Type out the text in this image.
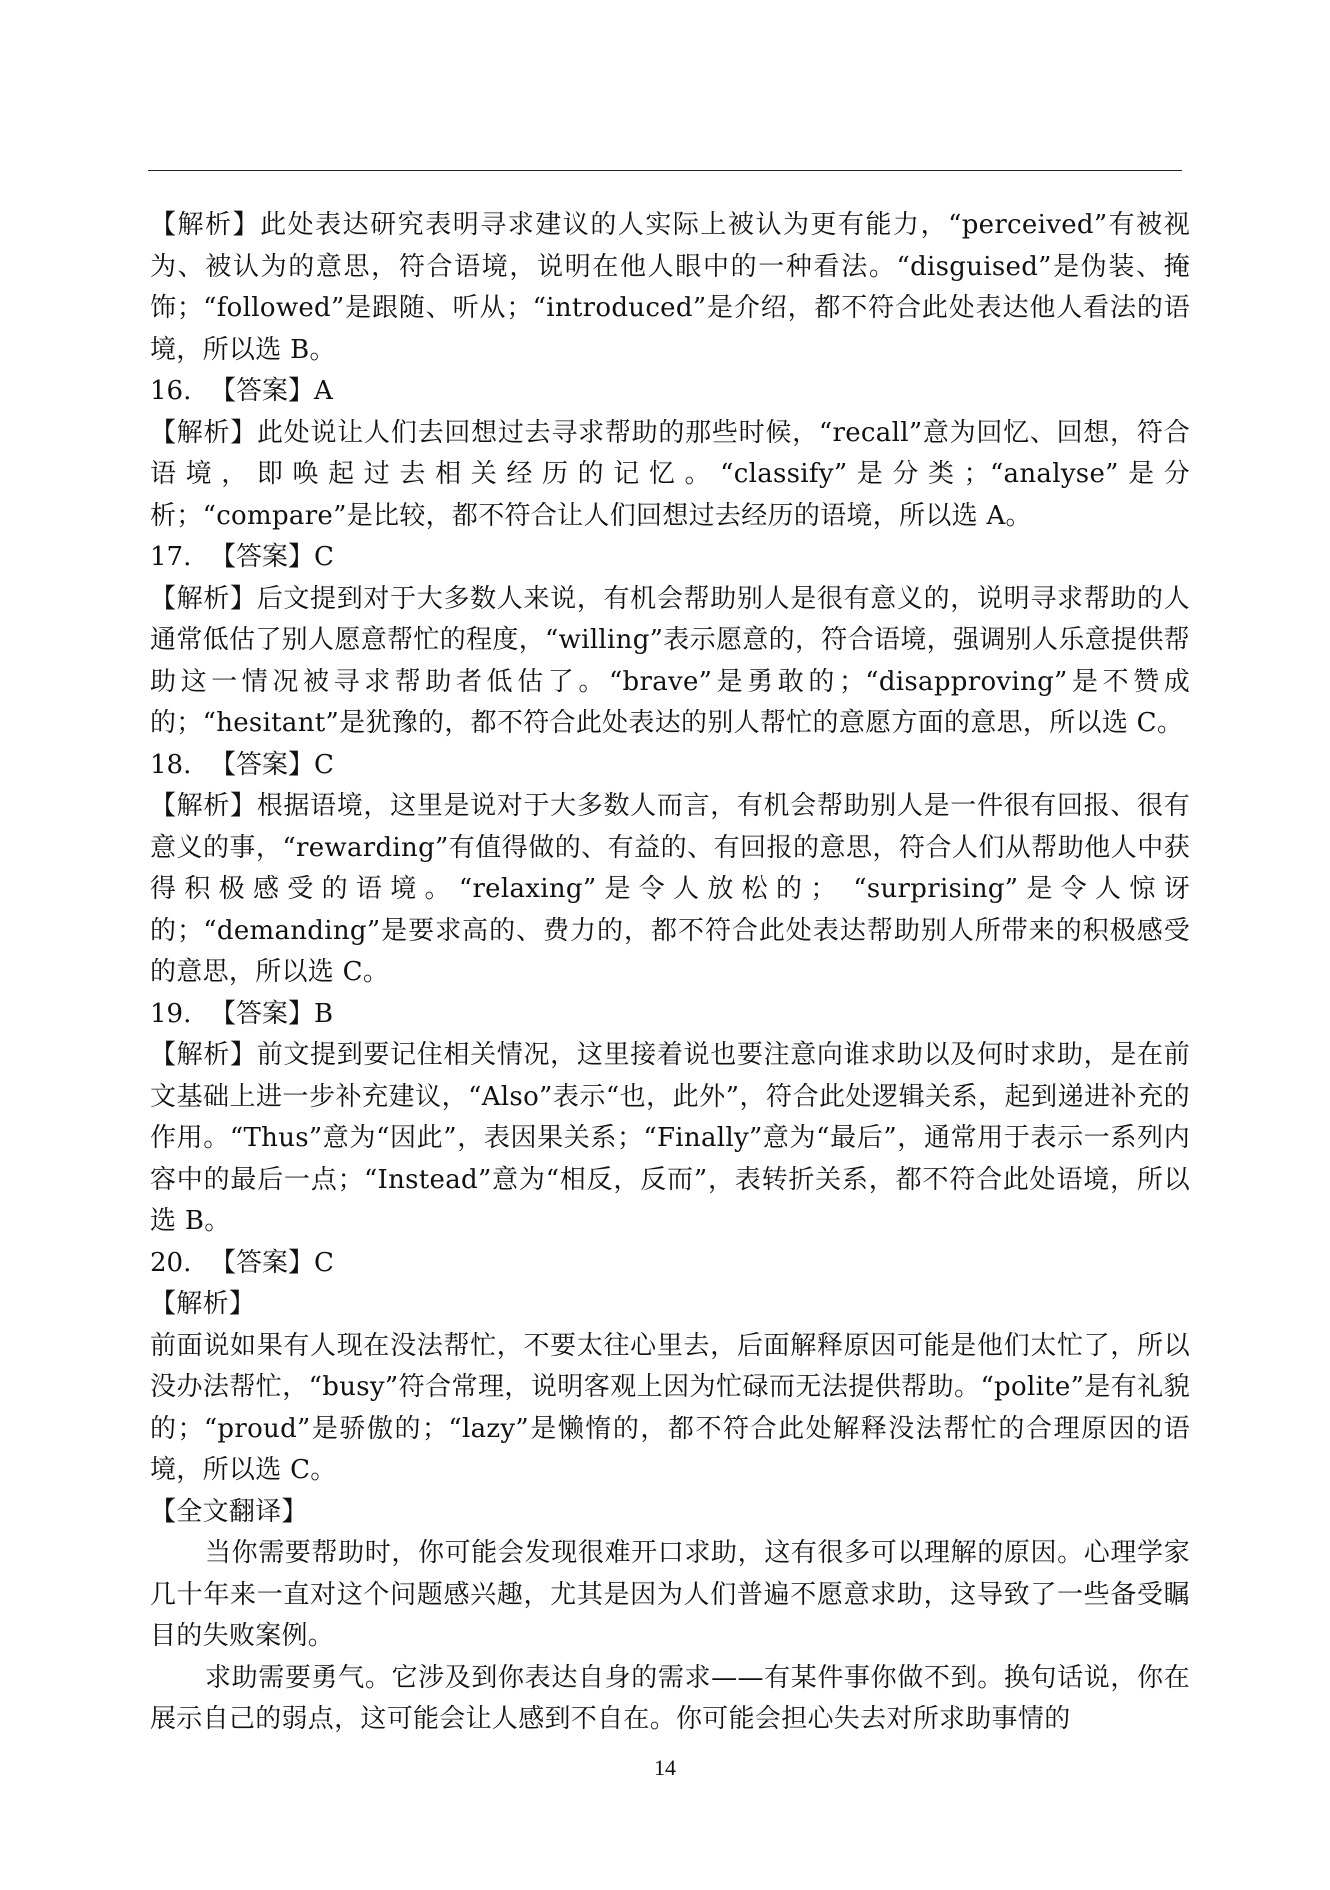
【解析】此处表达研究表明寻求建议的人实际上被认为更有能力，“perceived”有被视为、被认为的意思，符合语境，说明在他人眼中的一种看法。“disguised”是伪装、掩饰；“followed”是跟随、听从；“introduced”是介绍，都不符合此处表达他人看法的语境，所以选 B。

16. 【答案】A

【解析】此处说让人们去回想过去寻求帮助的那些时候，“recall”意为回忆、回想，符合语境，即唤起过去相关经历的记忆。“classify”是分类；“analyse”是分析；“compare”是比较，都不符合让人们回想过去经历的语境，所以选 A。

17. 【答案】C

【解析】后文提到对于大多数人来说，有机会帮助别人是很有意义的，说明寻求帮助的人通常低估了别人愿意帮忙的程度，“willing”表示愿意的，符合语境，强调别人乐意提供帮助这一情况被寻求帮助者低估了。“brave”是勇敢的；“disapproving”是不赞成的；“hesitant”是犹豫的，都不符合此处表达的别人帮忙的意愿方面的意思，所以选 C。

18. 【答案】C

【解析】根据语境，这里是说对于大多数人而言，有机会帮助别人是一件很有回报、很有意义的事，“rewarding”有值得做的、有益的、有回报的意思，符合人们从帮助他人中获得积极感受的语境。“relaxing”是令人放松的； “surprising”是令人惊讶的；“demanding”是要求高的、费力的，都不符合此处表达帮助别人所带来的积极感受的意思，所以选 C。

19. 【答案】B

【解析】前文提到要记住相关情况，这里接着说也要注意向谁求助以及何时求助，是在前文基础上进一步补充建议，“Also”表示“也，此外”，符合此处逻辑关系，起到递进补充的作用。“Thus”意为“因此”，表因果关系；“Finally”意为“最后”，通常用于表示一系列内容中的最后一点；“Instead”意为“相反，反而”，表转折关系，都不符合此处语境，所以选 B。

20. 【答案】C

【解析】

前面说如果有人现在没法帮忙，不要太往心里去，后面解释原因可能是他们太忙了，所以没办法帮忙，“busy”符合常理，说明客观上因为忙碌而无法提供帮助。“polite”是有礼貌的；“proud”是骄傲的；“lazy”是懒惰的，都不符合此处解释没法帮忙的合理原因的语境，所以选 C。

【全文翻译】

当你需要帮助时，你可能会发现很难开口求助，这有很多可以理解的原因。心理学家几十年来一直对这个问题感兴趣，尤其是因为人们普遍不愿意求助，这导致了一些备受瞩目的失败案例。

求助需要勇气。它涉及到你表达自身的需求——有某件事你做不到。换句话说，你在展示自己的弱点，这可能会让人感到不自在。你可能会担心失去对所求助事情的

14
